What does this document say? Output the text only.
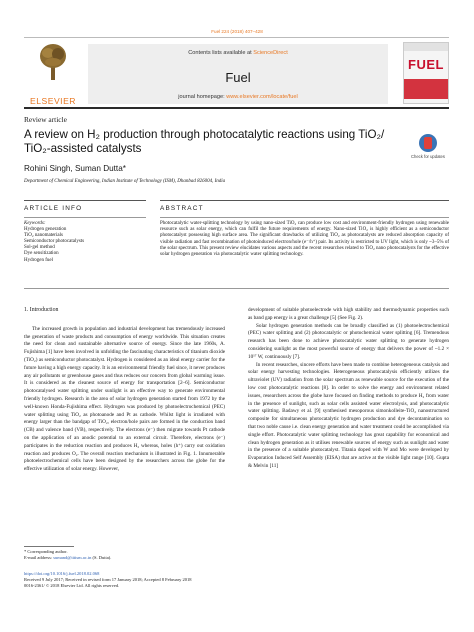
Fuel 224 (2018) 407–428
ELSEVIER
Contents lists available at ScienceDirect
Fuel
journal homepage: www.elsevier.com/locate/fuel
FUEL
Review article
A review on H₂ production through photocatalytic reactions using TiO₂/
TiO₂-assisted catalysts
Check for updates
Rohini Singh, Suman Dutta*
Department of Chemical Engineering, Indian Institute of Technology (ISM), Dhanbad 826004, India
ARTICLE INFO	ABSTRACT
Keywords:
Hydrogen generation
TiO₂ nanomaterials
Semiconductor photocatalysts
Sol-gel method
Dye sensitization
Hydrogen fuel
Photocatalytic water-splitting technology by using nano-sized TiO₂ can produce low cost and environment-friendly hydrogen using renewable resource such as solar energy, which can fulfil the future requirements of energy. Nano-sized TiO₂ is highly efficient as a semiconductor photocatalyst possessing high surface area. The significant drawbacks of utilizing TiO₂ as photocatalysts are reduced absorption capacity of visible radiation and fast recombination of photoinduced electron/hole (e⁻/h⁺) pair. Its activity is restricted to UV light, which is only ~3–5% of the solar spectrum. This present review elucidates various aspects and the recent researches related to TiO₂ nano photocatalysts for the effective solar hydrogen generation via photocatalytic water splitting technology.
1. Introduction

The increased growth in population and industrial development has tremendously increased the generation of waste products and consumption of energy worldwide. This situation creates the need for clean and sustainable alternative source of energy. Since the late 1960s, A. Fujishima [1] have been involved in unfolding the fascinating characteristics of titanium dioxide (TiO₂) as semiconductor photocatalyst. Hydrogen is considered as an ideal energy carrier for the future having a high energy capacity. It is an environmental friendly fuel since, it never produces any air pollutants or greenhouse gases and thus reduces our concern from global warming issue. It is considered as the cleanest source of energy for transportation [2–6]. Semiconductor photocatalysed water splitting under sunlight is an effective way to generate environmental friendly hydrogen. Research in the area of solar hydrogen generation started from 1972 by the well-known Honda-Fujishima effect. Hydrogen was produced by photoelectrochemical (PEC) water splitting using TiO₂ as photoanode and Pt as cathode. Whilst light is irradiated with energy larger than the bandgap of TiO₂, electron/hole pairs are formed in the conduction band (CB) and valence band (VB), respectively. The electrons (e⁻) then migrate towards Pt cathode on the application of an anodic potential to an external circuit. Therefore, electrons (e⁻) participates in the reduction reaction and produces H₂ whereas, holes (h⁺) carry out oxidation reaction and produces O₂. The overall reaction mechanism is illustrated in Fig. 1. Innumerable photoelectrochemical cells have been designed by the researchers across the globe for the effective utilization of solar energy. However,

development of suitable photoelectrode with high stability and thermodynamic properties such as band gap energy is a great challenge [5] (See Fig. 2).

Solar hydrogen generation methods can be broadly classified as (1) photoelectrochemical (PEC) water splitting and (2) photocatalytic or photochemical water splitting [6]. Tremendous research has been done to achieve photocatalytic water splitting to generate hydrogen considering sunlight as the most powerful source of energy that delivers the power of ~1.2 × 10¹⁷ W, continuously [7].

In recent researches, sincere efforts have been made to combine heterogeneous catalysis and solar energy harvesting technologies. Heterogeneous photocatalysis efficiently utilizes the ultraviolet (UV) radiation from the solar spectrum as renewable source for the execution of the low cost photocatalytic reactions [8]. In order to solve the energy and environment related issues, researchers across the globe have focused on finding methods to produce H₂ from water in the presence of sunlight, such as solar cells assisted water electrolysis, and photocatalytic water splitting. Badawy et al. [9] synthesised mesoporous simonkolleite-TiO₂ nanostructured composite for simultaneous photocatalytic hydrogen production and dye decontamination so that two noble cause i.e. clean energy generation and water treatment could be accomplished via single effort. Photocatalytic water splitting technology has great capability for economical and clean hydrogen generation as it utilises renewable sources of energy such as sunlight and water in the presence of a suitable photocatalyst. Titania doped with W and Mo were developed by Evaporation Induced Self Assembly (EISA) that are active at the visible light range [10]. Gupta & Melvin [11]

* Corresponding author.
E-mail address: sumand@iitism.ac.in (S. Dutta).
https://doi.org/10.1016/j.fuel.2018.02.068
Received 9 July 2017; Received in revised form 17 January 2018; Accepted 8 February 2018
0016-2361/ © 2018 Elsevier Ltd. All rights reserved.
